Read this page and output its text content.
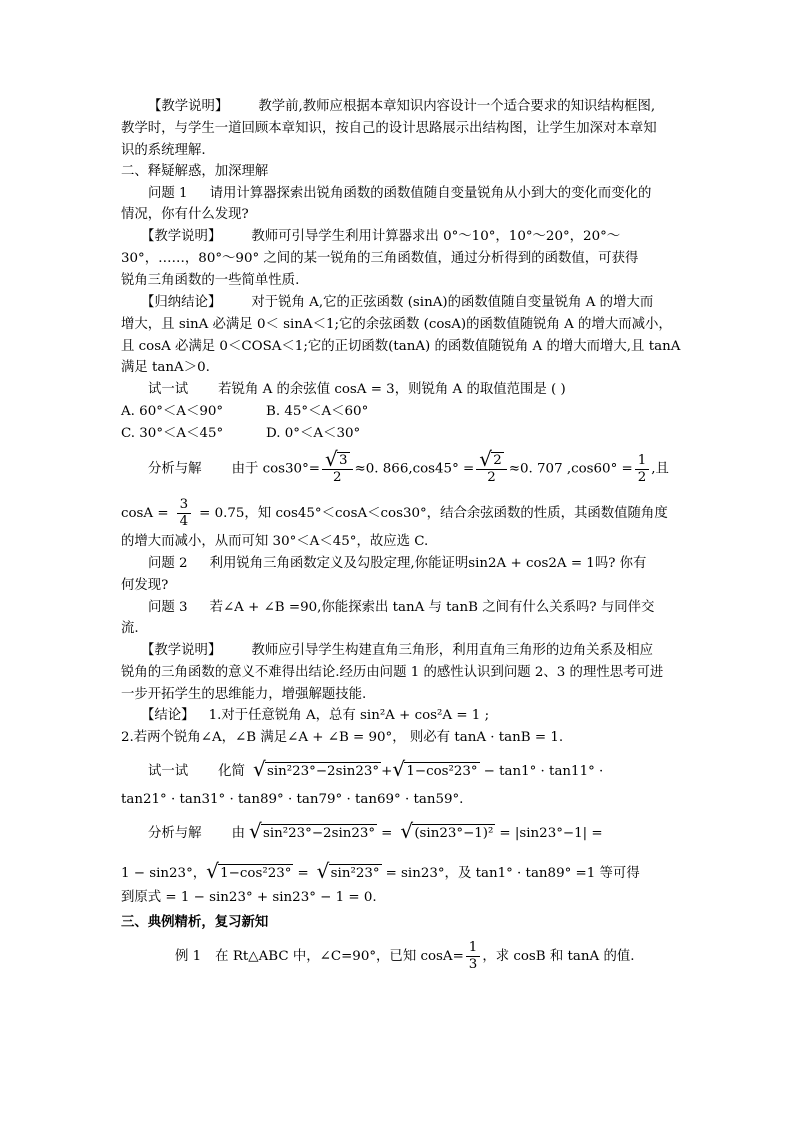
【教学说明】 教学前,教师应根据本章知识内容设计一个适合要求的知识结构框图,
教学时，与学生一道回顾本章知识，按自己的设计思路展示出结构图，让学生加深对本章知
识的系统理解.
二、释疑解惑，加深理解
问题 1 请用计算器探索出锐角函数的函数值随自变量锐角从小到大的变化而变化的
情况，你有什么发现?
【教学说明】 教师可引导学生利用计算器求出 0°～10°，10°～20°，20°～
30°，……，80°～90° 之间的某一锐角的三角函数值，通过分析得到的函数值，可获得
锐角三角函数的一些简单性质.
【归纳结论】 对于锐角 A,它的正弦函数 (sinA)的函数值随自变量锐角 A 的增大而
增大，且 sinA 必满足 0＜ sinA＜1;它的余弦函数 (cosA)的函数值随锐角 A 的增大而减小，
且 cosA 必满足 0＜COSA＜1;它的正切函数(tanA) 的函数值随锐角 A 的增大而增大,且 tanA
满足 tanA＞0.
试一试 若锐角 A 的余弦值 cosA = 3，则锐角 A 的取值范围是 ( )
A. 60°＜A＜90°	B. 45°＜A＜60°
C. 30°＜A＜45°	D. 0°＜A＜30°
分析与解 由于 $\cos 30^\circ= \frac{√ 3}{2} \approx 0$. $866,\cos 45^\circ = \frac{√ 2}{2} \approx 0$. 707 $,\cos 60^\circ = \frac{1}{2}$ ,且
$\cos A = \frac{3}{4} = 0.75$，知 cos45°＜cosA＜cos30°，结合余弦函数的性质，其函数值随角度
的增大而减小，从而可知 30°＜A＜45°，故应选 C.
问题 2 利用锐角三角函数定义及勾股定理,你能证明sin2A + cos2A = 1吗? 你有
何发现?
问题 3 若∠A + ∠B =90,你能探索出 tanA 与 tanB 之间有什么关系吗? 与同伴交
流.
【教学说明】 教师应引导学生构建直角三角形，利用直角三角形的边角关系及相应
锐角的三角函数的意义不难得出结论.经历由问题 1 的感性认识到问题 2、3 的理性思考可进
一步开拓学生的思维能力，增强解题技能.
【结论】 1.对于任意锐角 A，总有 sin²A + cos²A = 1 ;
2.若两个锐角∠A，∠B 满足∠A + ∠B = 90°， 则必有 tanA · tanB = 1.
试一试 化简 √ sin²23°−2sin23° + √ 1−cos²23° − tan1° · tan11° ·
tan21° · tan31° · tan89° · tan79° · tan69° · tan59°.
分析与解 由 √ sin²23°−2sin23° = √ (sin23°−1)² = |sin23°−1| =
1 − sin23°， √ 1−cos²23° = √ sin²23° = sin23°，及 tan1° · tan89° =1 等可得
到原式 = 1 − sin23° + sin23° − 1 = 0.
三、典例精析，复习新知
例 1 在 Rt△ABC 中，∠C=90°，已知 $\cos A= \frac{1}{3}$ ，求 cosB 和 tanA 的值.
